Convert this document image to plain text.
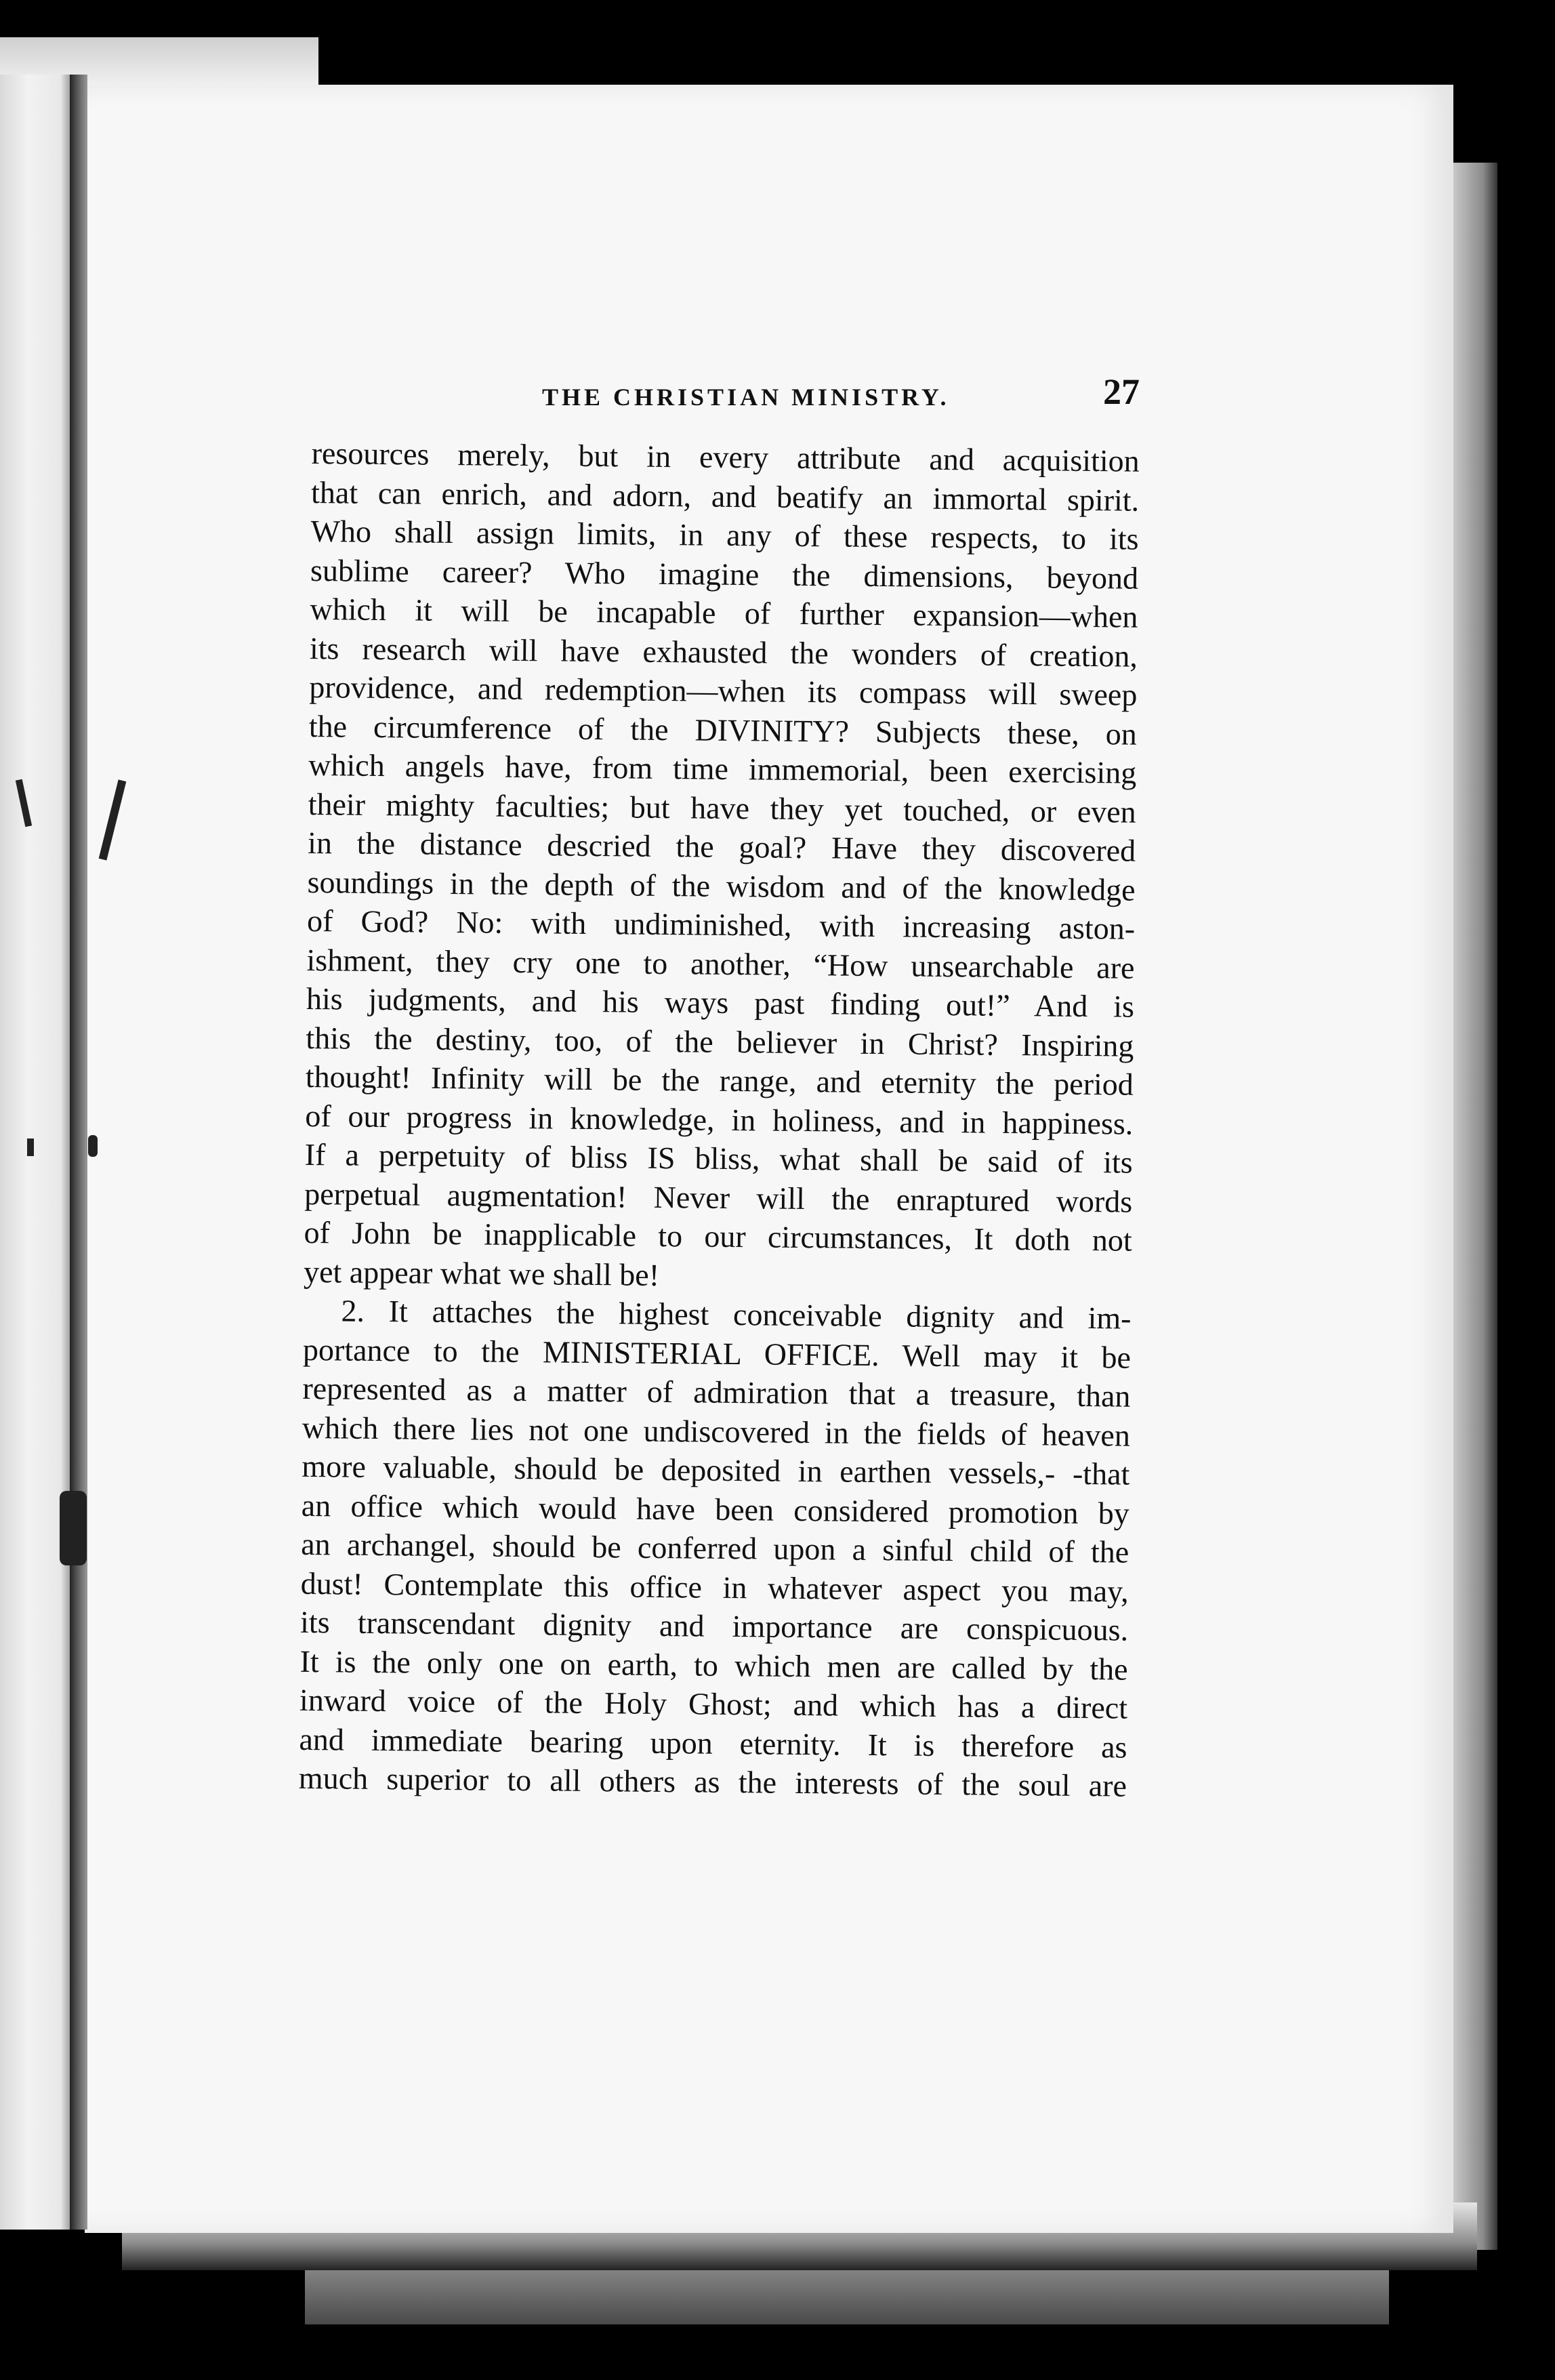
THE CHRISTIAN MINISTRY.	27
resources merely, but in every attribute and acquisition
that can enrich, and adorn, and beatify an immortal spirit.
Who shall assign limits, in any of these respects, to its
sublime career? Who imagine the dimensions, beyond
which it will be incapable of further expansion—when
its research will have exhausted the wonders of creation,
providence, and redemption—when its compass will sweep
the circumference of the DIVINITY? Subjects these, on
which angels have, from time immemorial, been exercising
their mighty faculties; but have they yet touched, or even
in the distance descried the goal? Have they discovered
soundings in the depth of the wisdom and of the knowledge
of God? No: with undiminished, with increasing aston-
ishment, they cry one to another, “How unsearchable are
his judgments, and his ways past finding out!” And is
this the destiny, too, of the believer in Christ? Inspiring
thought! Infinity will be the range, and eternity the period
of our progress in knowledge, in holiness, and in happiness.
If a perpetuity of bliss IS bliss, what shall be said of its
perpetual augmentation! Never will the enraptured words
of John be inapplicable to our circumstances, It doth not
yet appear what we shall be!
2. It attaches the highest conceivable dignity and im-
portance to the MINISTERIAL OFFICE. Well may it be
represented as a matter of admiration that a treasure, than
which there lies not one undiscovered in the fields of heaven
more valuable, should be deposited in earthen vessels,- -that
an office which would have been considered promotion by
an archangel, should be conferred upon a sinful child of the
dust! Contemplate this office in whatever aspect you may,
its transcendant dignity and importance are conspicuous.
It is the only one on earth, to which men are called by the
inward voice of the Holy Ghost; and which has a direct
and immediate bearing upon eternity. It is therefore as
much superior to all others as the interests of the soul are
